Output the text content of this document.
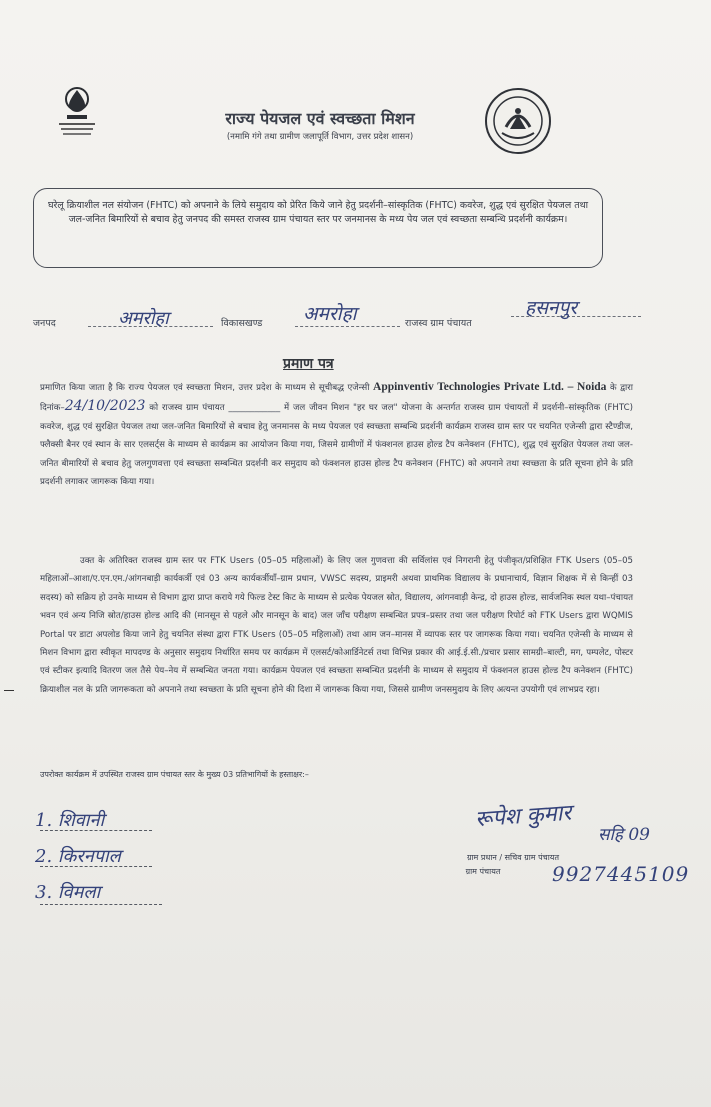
राज्य पेयजल एवं स्वच्छता मिशन
(नमामि गंगे तथा ग्रामीण जलापूर्ति विभाग, उत्तर प्रदेश शासन)
घरेलू क्रियाशील नल संयोजन (FHTC) को अपनाने के लिये समुदाय को प्रेरित किये जाने हेतु प्रदर्शनी–सांस्कृतिक (FHTC) कवरेज, शुद्ध एवं सुरक्षित पेयजल तथा जल-जनित बिमारियों से बचाव हेतु जनपद की समस्त राजस्व ग्राम पंचायत स्तर पर जनमानस के मध्य पेय जल एवं स्वच्छता सम्बन्धि प्रदर्शनी कार्यक्रम।
जनपद	अमरोहा	विकासखण्ड अमरोहा	राजस्व ग्राम पंचायत
हसनपुर
प्रमाण पत्र
प्रमाणित किया जाता है कि राज्य पेयजल एवं स्वच्छता मिशन, उत्तर प्रदेश के माध्यम से सूचीबद्ध एजेन्सी Appinventiv Technologies Private Ltd. – Noida के द्वारा दिनांक–24/10/2023 को राजस्व ग्राम पंचायत ____________ में जल जीवन मिशन "हर घर जल" योजना के अन्तर्गत राजस्व ग्राम पंचायतों में प्रदर्शनी–सांस्कृतिक (FHTC) कवरेज, शुद्ध एवं सुरक्षित पेयजल तथा जल-जनित बिमारियों से बचाव हेतु जनमानस के मध्य पेयजल एवं स्वच्छता सम्बन्धि प्रदर्शनी कार्यक्रम राजस्व ग्राम स्तर पर चयनित एजेन्सी द्वारा स्टैण्डीज, फ्लैक्सी बैनर एवं स्थान के सार एलसर्ट्स के माध्यम से कार्यक्रम का आयोजन किया गया, जिसमे ग्रामीणों में फंक्शनल हाउस होल्ड टैप कनेक्शन (FHTC), शुद्ध एवं सुरक्षित पेयजल तथा जल-जनित बीमारियों से बचाव हेतु जलगुणवत्ता एवं स्वच्छता सम्बन्धित प्रदर्शनी कर समुदाय को फंक्शनल हाउस होल्ड टैप कनेक्शन (FHTC) को अपनाने तथा स्वच्छता के प्रति सूचना होने के प्रति प्रदर्शनी लगाकर जागरूक किया गया।
उक्त के अतिरिक्त राजस्व ग्राम स्तर पर FTK Users (05–05 महिलाओं) के लिए जल गुणवत्ता की सर्विलांस एवं निगरानी हेतु पंजीकृत/प्रशिक्षित FTK Users (05–05 महिलाओं–आशा/ए.एन.एम./आंगनबाड़ी कार्यकर्त्री एवं 03 अन्य कार्यकर्त्रीयाँ–ग्राम प्रधान, VWSC सदस्य, प्राइमरी अथवा प्राथमिक विद्यालय के प्रधानाचार्य, विज्ञान शिक्षक में से किन्हीं 03 सदस्य) को सक्रिय हो उनके माध्यम से विभाग द्वारा प्राप्त कराये गये फिल्ड टेस्ट किट के माध्यम से प्रत्येक पेयजल स्रोत, विद्यालय, आंगनवाड़ी केन्द्र, दो हाउस होल्ड, सार्वजनिक स्थल यथा–पंचायत भवन एवं अन्य निजि स्रोत/हाउस होल्ड आदि की (मानसून से पहले और मानसून के बाद) जल जाँच परीक्षण सम्बन्धित प्रपत्र–प्रस्तर तथा जल परीक्षण रिपोर्ट को FTK Users द्वारा WQMIS Portal पर डाटा अपलोड किया जाने हेतु चयनित संस्था द्वारा FTK Users (05–05 महिलाओं) तथा आम जन–मानस में व्यापक स्तर पर जागरूक किया गया। चयनित एजेन्सी के माध्यम से मिशन विभाग द्वारा स्वीकृत मापदण्ड के अनुसार समुदाय निर्धारित समय पर कार्यक्रम में एलसर्ट/कोआर्डिनेटर्स तथा विभिन्न प्रकार की आई.ई.सी./प्रचार प्रसार सामग्री–बाल्टी, मग, पम्पलेट, पोस्टर एवं स्टीकर इत्यादि वितरण जल तैसे पेय–नेय में सम्बन्धित जनता गया। कार्यक्रम पेयजल एवं स्वच्छता सम्बन्धित प्रदर्शनी के माध्यम से समुदाय में फंक्शनल हाउस होल्ड टैप कनेक्शन (FHTC) क्रियाशील नल के प्रति जागरूकता को अपनाने तथा स्वच्छता के प्रति सूचना होने की दिशा में जागरूक किया गया, जिससे ग्रामीण जनसमुदाय के लिए अत्यन्त उपयोगी एवं लाभप्रद रहा।
उपरोक्त कार्यक्रम में उपस्थित राजस्व ग्राम पंचायत स्तर के मुख्य 03 प्रतिभागियों के हस्ताक्षर:–
1. शिवानी
2. किरनपाल
3. विमला
रूपेश कुमार
सहि 09
ग्राम प्रधान / सचिव ग्राम पंचायत
ग्राम पंचायत	9927445109
